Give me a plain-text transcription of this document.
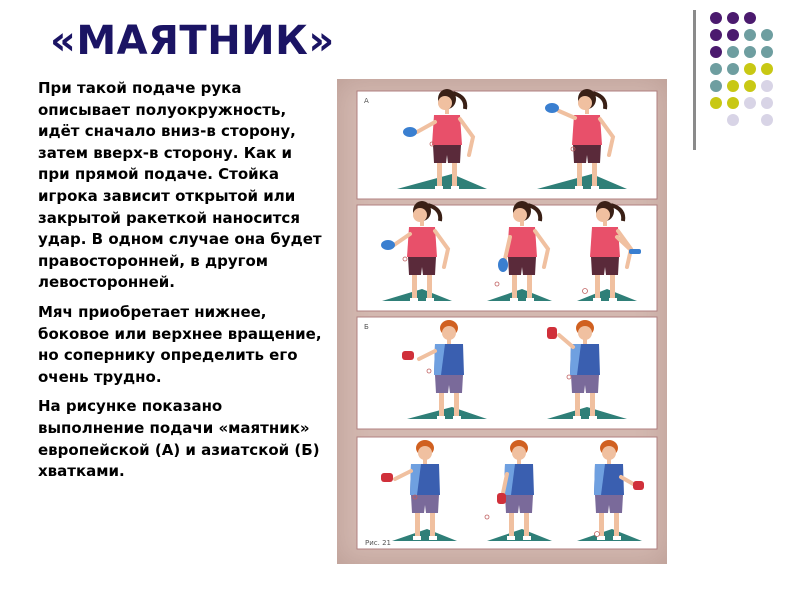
«МАЯТНИК»

При такой подаче рука описывает полуокружность, идёт сначало вниз-в сторону, затем вверх-в сторону. Как и при прямой подаче. Стойка игрока зависит открытой или закрытой ракеткой наносится удар. В одном случае она будет правосторонней, в другом левосторонней.

Мяч приобретает нижнее, боковое или верхнее вращение, но сопернику определить его очень трудно.

На рисунке показано выполнение подачи «маятник» европейской (А) и азиатской (Б) хватками.

А
Б
Рис. 21
